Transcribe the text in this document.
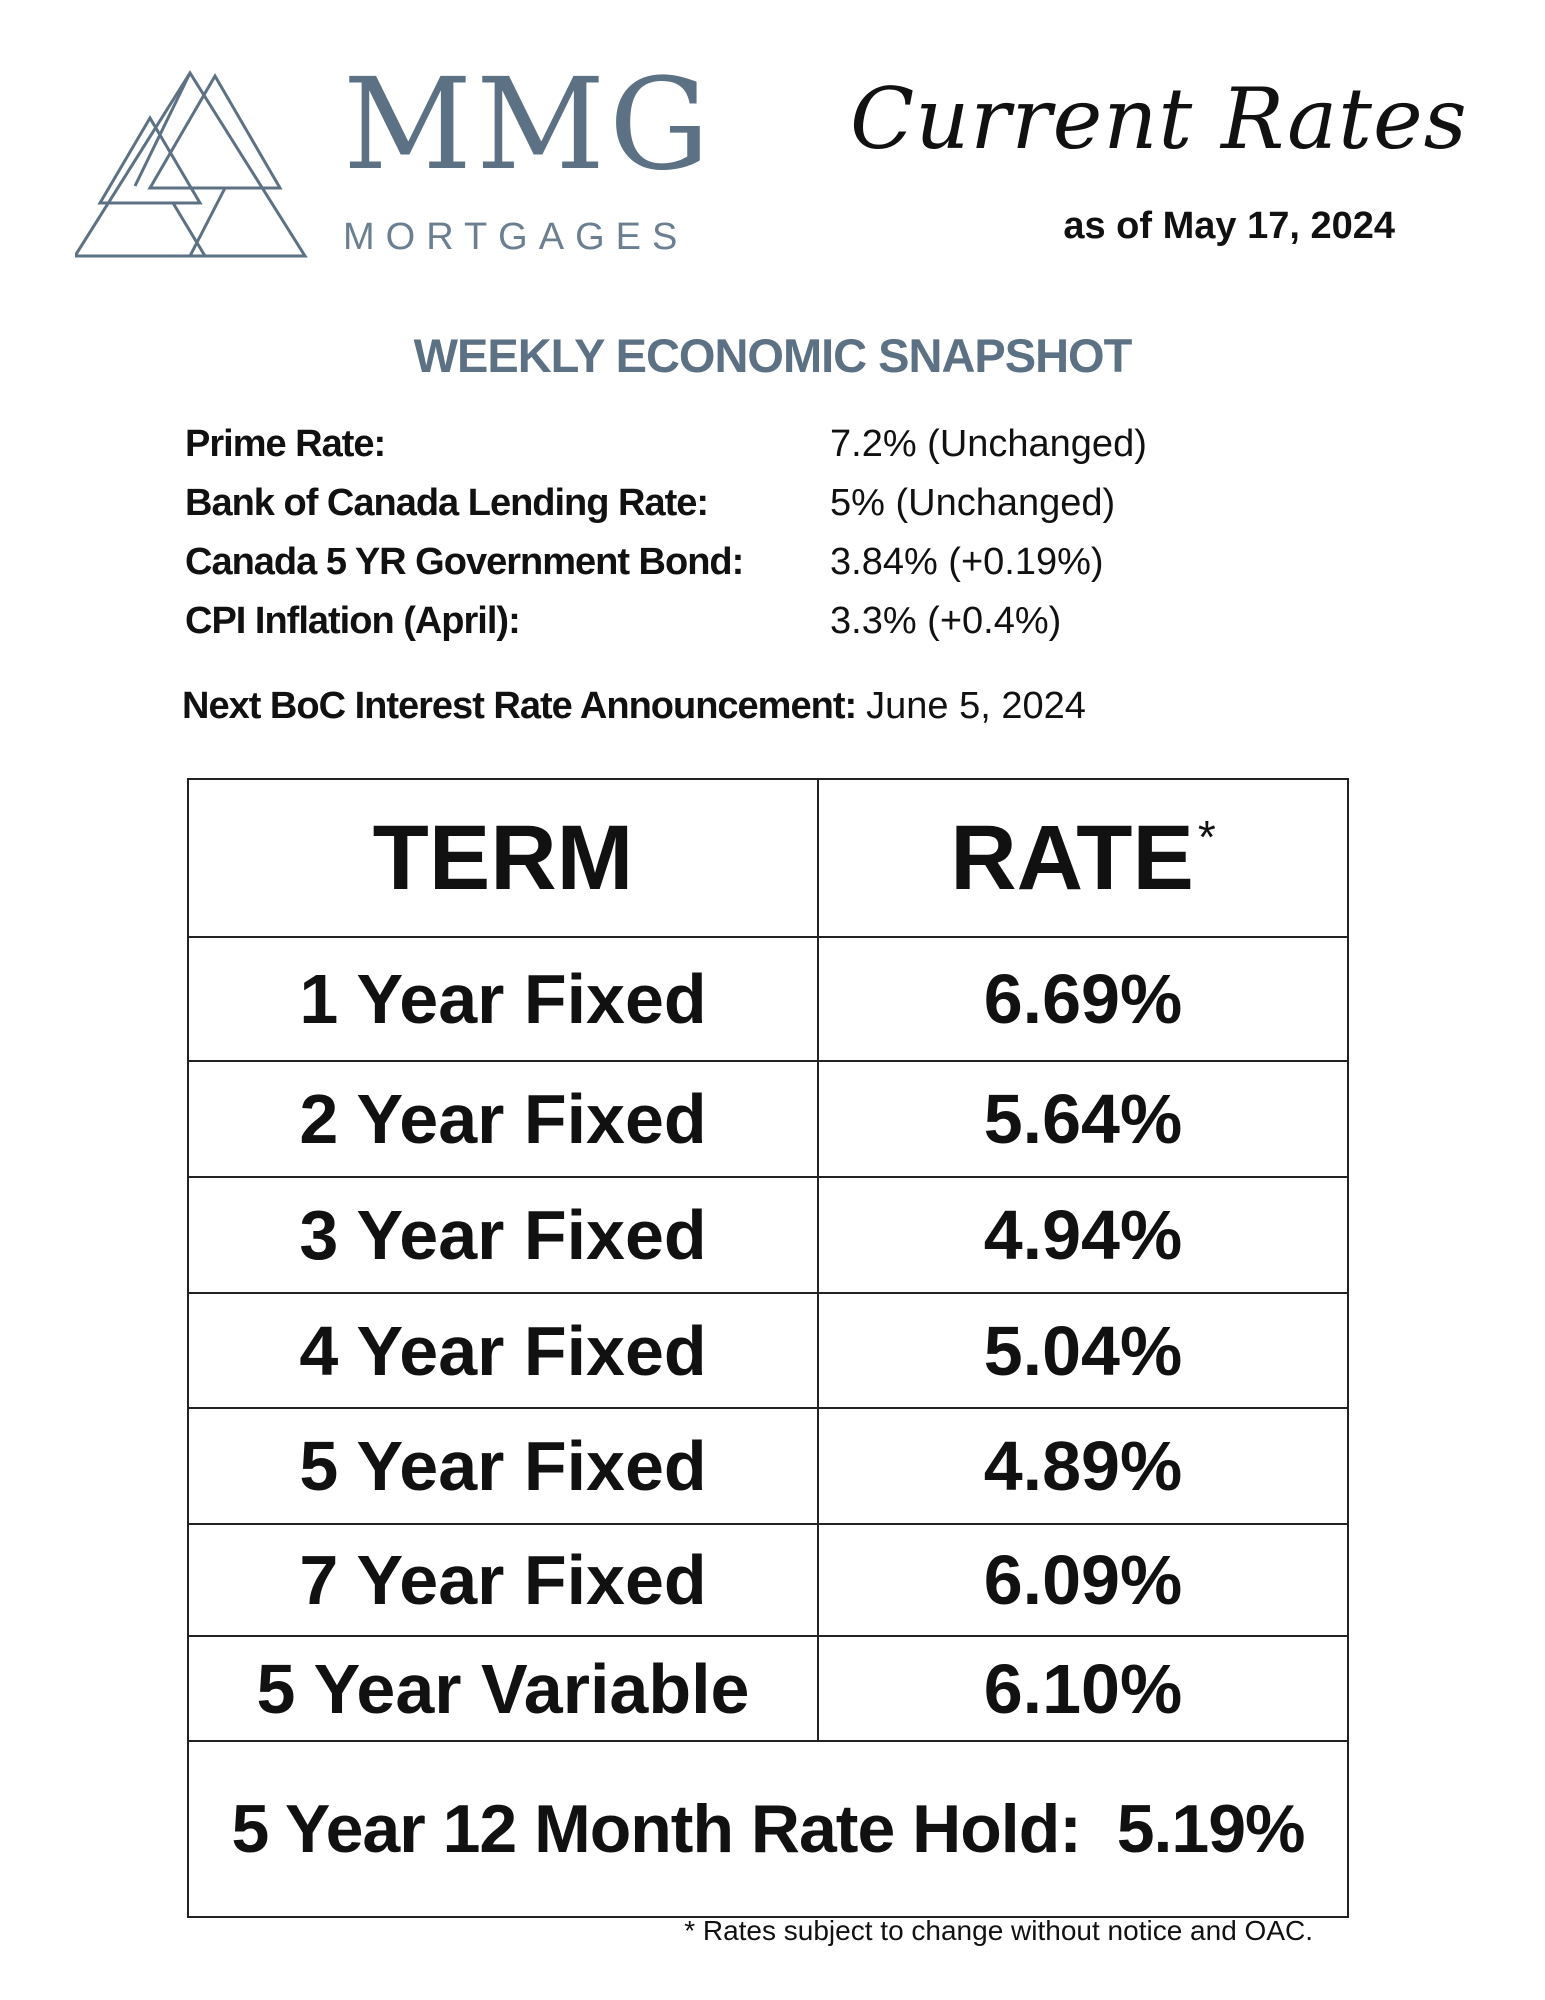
MMG
MORTGAGES
Current Rates
as of May 17, 2024
WEEKLY ECONOMIC SNAPSHOT
Prime Rate:	7.2% (Unchanged)
Bank of Canada Lending Rate:	5% (Unchanged)
Canada 5 YR Government Bond: 3.84% (+0.19%)
CPI Inflation (April):	3.3% (+0.4%)
Next BoC Interest Rate Announcement: June 5, 2024
TERM	RATE*
1 Year Fixed	6.69%
2 Year Fixed	5.64%
3 Year Fixed	4.94%
4 Year Fixed	5.04%
5 Year Fixed	4.89%
7 Year Fixed	6.09%
5 Year Variable	6.10%
5 Year 12 Month Rate Hold: 5.19%	
* Rates subject to change without notice and OAC.
